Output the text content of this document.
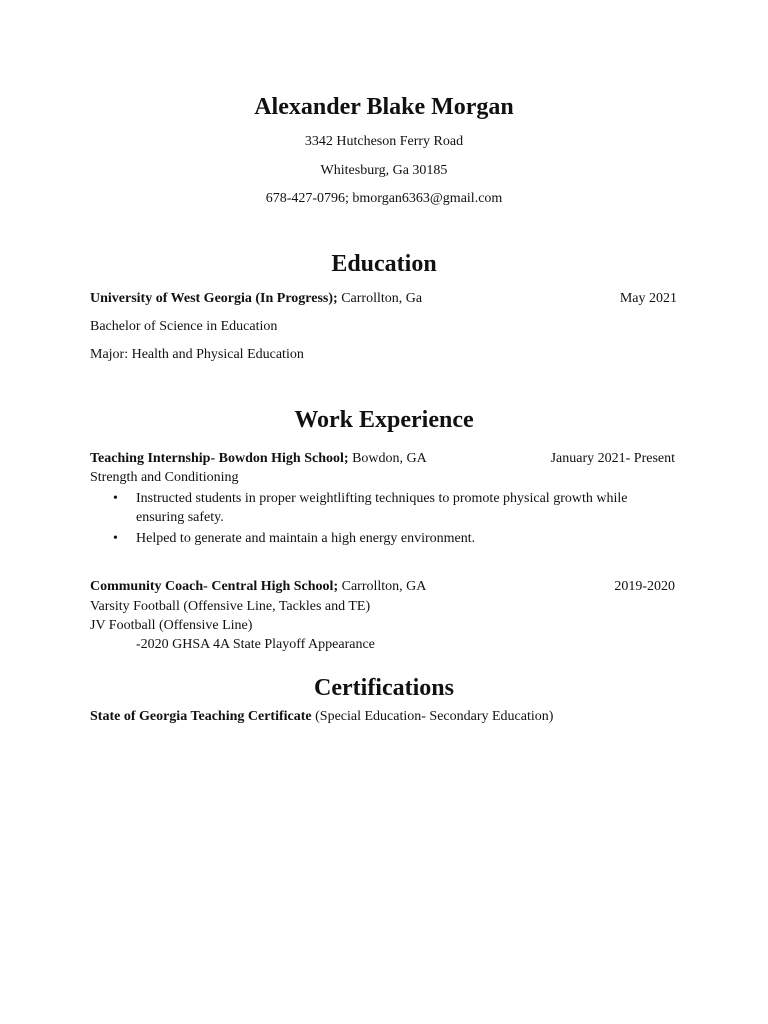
Alexander Blake Morgan
3342 Hutcheson Ferry Road
Whitesburg, Ga 30185
678-427-0796; bmorgan6363@gmail.com
Education
University of West Georgia (In Progress); Carrollton, Ga	May 2021
Bachelor of Science in Education
Major: Health and Physical Education
Work Experience
Teaching Internship- Bowdon High School; Bowdon, GA	January 2021- Present
Strength and Conditioning
• Instructed students in proper weightlifting techniques to promote physical growth while
ensuring safety.
• Helped to generate and maintain a high energy environment.
Community Coach- Central High School; Carrollton, GA	2019-2020
Varsity Football (Offensive Line, Tackles and TE)
JV Football (Offensive Line)
-2020 GHSA 4A State Playoff Appearance
Certifications
State of Georgia Teaching Certificate (Special Education- Secondary Education)
